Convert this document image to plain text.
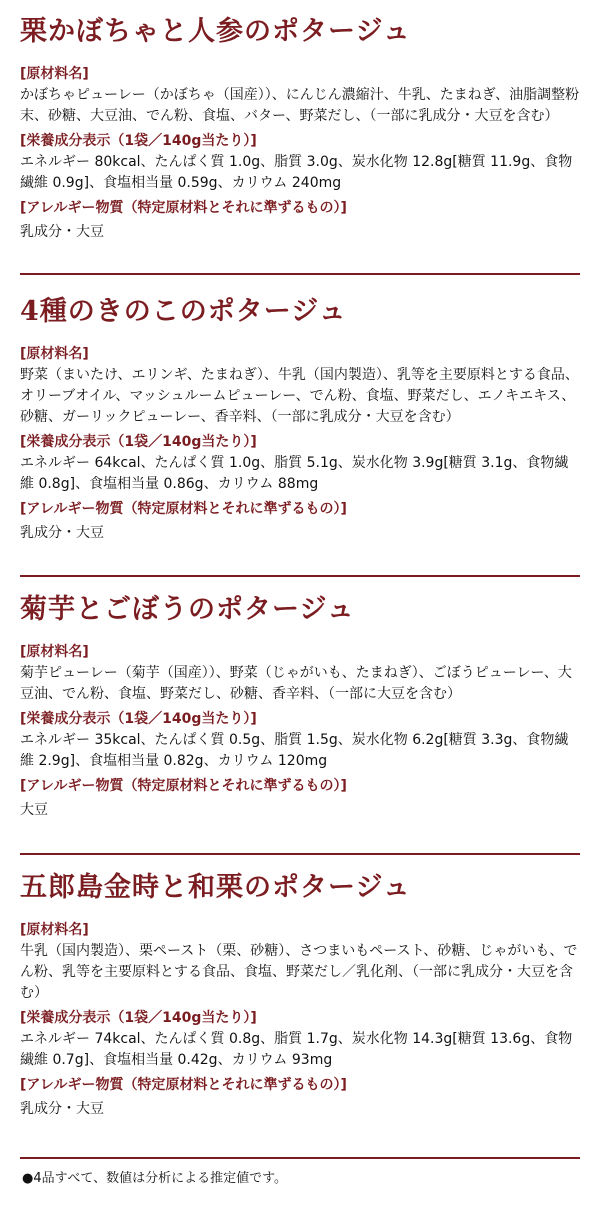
栗かぼちゃと人参のポタージュ
[原材料名]
かぼちゃピューレー（かぼちゃ（国産））、にんじん濃縮汁、牛乳、たまねぎ、油脂調整粉末、砂糖、大豆油、でん粉、食塩、バター、野菜だし、（一部に乳成分・大豆を含む）
[栄養成分表示（1袋／140g当たり）]
エネルギー 80kcal、たんぱく質 1.0g、脂質 3.0g、炭水化物 12.8g[糖質 11.9g、食物繊維 0.9g]、食塩相当量 0.59g、カリウム 240mg
[アレルギー物質（特定原材料とそれに準ずるもの）]
乳成分・大豆
4種のきのこのポタージュ
[原材料名]
野菜（まいたけ、エリンギ、たまねぎ）、牛乳（国内製造）、乳等を主要原料とする食品、オリーブオイル、マッシュルームピューレー、でん粉、食塩、野菜だし、エノキエキス、砂糖、ガーリックピューレー、香辛料、（一部に乳成分・大豆を含む）
[栄養成分表示（1袋／140g当たり）]
エネルギー 64kcal、たんぱく質 1.0g、脂質 5.1g、炭水化物 3.9g[糖質 3.1g、食物繊維 0.8g]、食塩相当量 0.86g、カリウム 88mg
[アレルギー物質（特定原材料とそれに準ずるもの）]
乳成分・大豆
菊芋とごぼうのポタージュ
[原材料名]
菊芋ピューレー（菊芋（国産））、野菜（じゃがいも、たまねぎ）、ごぼうピューレー、大豆油、でん粉、食塩、野菜だし、砂糖、香辛料、（一部に大豆を含む）
[栄養成分表示（1袋／140g当たり）]
エネルギー 35kcal、たんぱく質 0.5g、脂質 1.5g、炭水化物 6.2g[糖質 3.3g、食物繊維 2.9g]、食塩相当量 0.82g、カリウム 120mg
[アレルギー物質（特定原材料とそれに準ずるもの）]
大豆
五郎島金時と和栗のポタージュ
[原材料名]
牛乳（国内製造）、栗ペースト（栗、砂糖）、さつまいもペースト、砂糖、じゃがいも、でん粉、乳等を主要原料とする食品、食塩、野菜だし／乳化剤、（一部に乳成分・大豆を含む）
[栄養成分表示（1袋／140g当たり）]
エネルギー 74kcal、たんぱく質 0.8g、脂質 1.7g、炭水化物 14.3g[糖質 13.6g、食物繊維 0.7g]、食塩相当量 0.42g、カリウム 93mg
[アレルギー物質（特定原材料とそれに準ずるもの）]
乳成分・大豆
●4品すべて、数値は分析による推定値です。
